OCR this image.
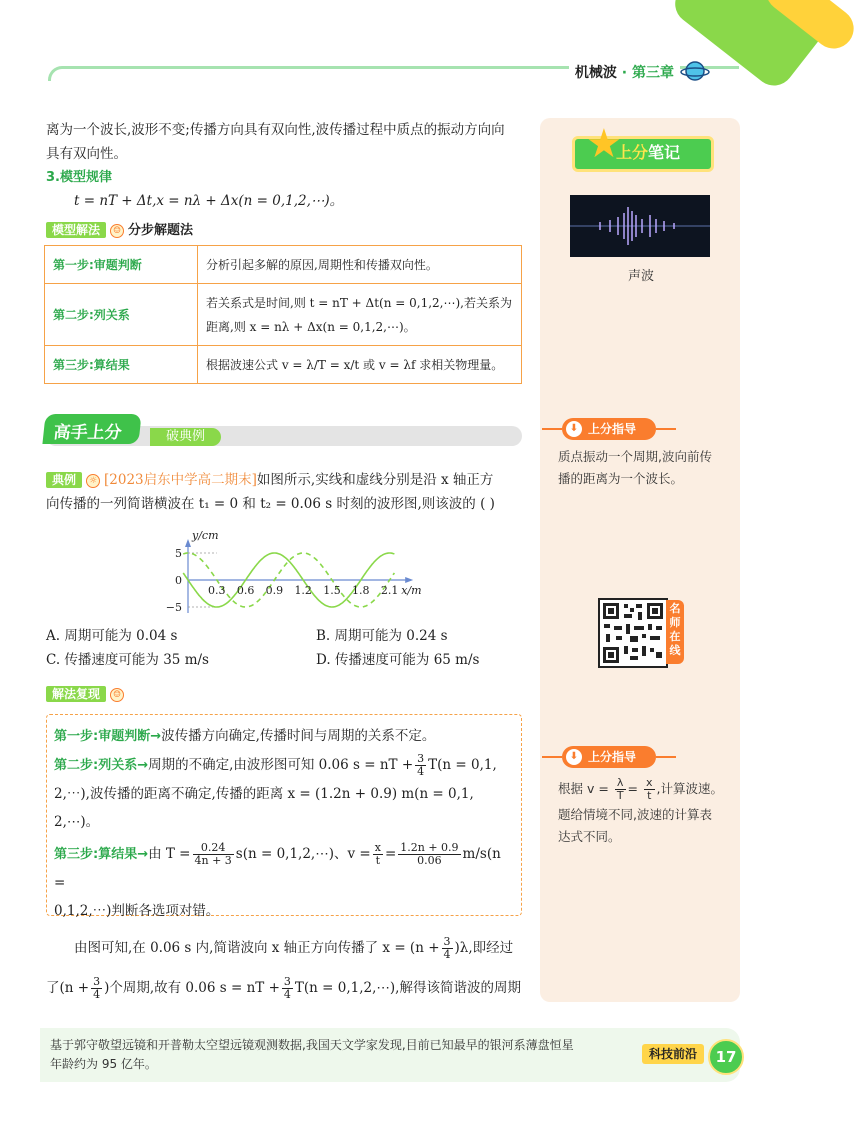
机械波 · 第三章
★
上分笔记
声波
⬇ 上分指导
质点振动一个周期,波向前传
播的距离为一个波长。
名师在线
⬇ 上分指导
根据 $v = \frac{\lambda}{T} = \frac{x}{t}$ ,计算波速。
题给情境不同,波速的计算表
达式不同。
离为一个波长,波形不变;传播方向具有双向性,波传播过程中质点的振动方向向
具有双向性。
3.模型规律
t = nT + Δt,x = nλ + Δx(n = 0,1,2,⋯)。
模型解法 ☺ 分步解题法
第一步:审题判断	分析引起多解的原因,周期性和传播双向性。
第二步:列关系	若关系式是时间,则 t = nT + Δt(n = 0,1,2,⋯),若关系为
距离,则 x = nλ + Δx(n = 0,1,2,⋯)。

第三步:算结果	根据波速公式 v = λ/T = x/t 或 v = λf 求相关物理量。
破典例
高手上分
典例 ☼ [2023启东中学高二期末]如图所示,实线和虚线分别是沿 x 轴正方
向传播的一列简谐横波在 t₁ = 0 和 t₂ = 0.06 s 时刻的波形图,则该波的 ( )
0.3 0.6 0.9 1.2 1.5 1.8 2.1
5
0
−5
x/m
y/cm
A. 周期可能为 0.04 s	B. 周期可能为 0.24 s
C. 传播速度可能为 35 m/s	D. 传播速度可能为 65 m/s
解法复现 ☺
第一步:审题判断→波传播方向确定,传播时间与周期的关系不定。
第二步:列关系→周期的不确定,由波形图可知 0.06 s = nT + $\frac{3}{4} T(n = 0,1$,
2,⋯),波传播的距离不确定,传播的距离 x = (1.2n + 0.9) m(n = 0,1,
2,⋯)。
第三步:算结果→由 $T = \frac{0.24}{4n + 3} s(n$ = 0,1,2,⋯)、$v = \frac{x}{t} = \frac{1.2n + 0.9}{0.06} m/s(n$ =
0,1,2,⋯)判断各选项对错。
由图可知,在 0.06 s 内,简谐波向 x 轴正方向传播了 $x = (n + \frac{3}{4} )\lambda$,即经过
了($n + \frac{3}{4}$ )个周期,故有 0.06 s = nT + $\frac{3}{4} T(n$ = 0,1,2,⋯),解得该简谐波的周期
基于郭守敬望远镜和开普勒太空望远镜观测数据,我国天文学家发现,目前已知最早的银河系薄盘恒星
年龄约为 95 亿年。
科技前沿	17
